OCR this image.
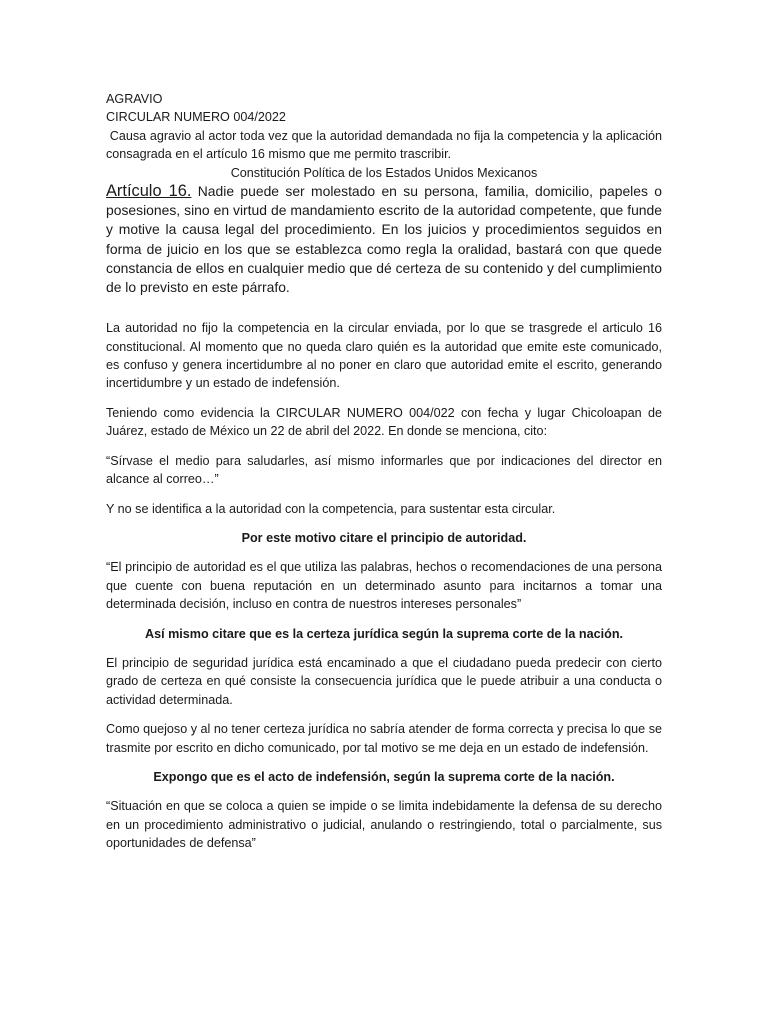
AGRAVIO

CIRCULAR NUMERO 004/2022

Causa agravio al actor toda vez que la autoridad demandada no fija la competencia y la aplicación consagrada en el artículo 16 mismo que me permito trascribir.

Constitución Política de los Estados Unidos Mexicanos

Artículo 16. Nadie puede ser molestado en su persona, familia, domicilio, papeles o posesiones, sino en virtud de mandamiento escrito de la autoridad competente, que funde y motive la causa legal del procedimiento. En los juicios y procedimientos seguidos en forma de juicio en los que se establezca como regla la oralidad, bastará con que quede constancia de ellos en cualquier medio que dé certeza de su contenido y del cumplimiento de lo previsto en este párrafo.

La autoridad no fijo la competencia en la circular enviada, por lo que se trasgrede el articulo 16 constitucional. Al momento que no queda claro quién es la autoridad que emite este comunicado, es confuso y genera incertidumbre al no poner en claro que autoridad emite el escrito, generando incertidumbre y un estado de indefensión.

Teniendo como evidencia la CIRCULAR NUMERO 004/022 con fecha y lugar Chicoloapan de Juárez, estado de México un 22 de abril del 2022. En donde se menciona, cito:

“Sírvase el medio para saludarles, así mismo informarles que por indicaciones del director en alcance al correo…”

Y no se identifica a la autoridad con la competencia, para sustentar esta circular.

Por este motivo citare el principio de autoridad.

“El principio de autoridad es el que utiliza las palabras, hechos o recomendaciones de una persona que cuente con buena reputación en un determinado asunto para incitarnos a tomar una determinada decisión, incluso en contra de nuestros intereses personales”

Así mismo citare que es la certeza jurídica según la suprema corte de la nación.

El principio de seguridad jurídica está encaminado a que el ciudadano pueda predecir con cierto grado de certeza en qué consiste la consecuencia jurídica que le puede atribuir a una conducta o actividad determinada.

Como quejoso y al no tener certeza jurídica no sabría atender de forma correcta y precisa lo que se trasmite por escrito en dicho comunicado, por tal motivo se me deja en un estado de indefensión.

Expongo que es el acto de indefensión, según la suprema corte de la nación.

“Situación en que se coloca a quien se impide o se limita indebidamente la defensa de su derecho en un procedimiento administrativo o judicial, anulando o restringiendo, total o parcialmente, sus oportunidades de defensa”
